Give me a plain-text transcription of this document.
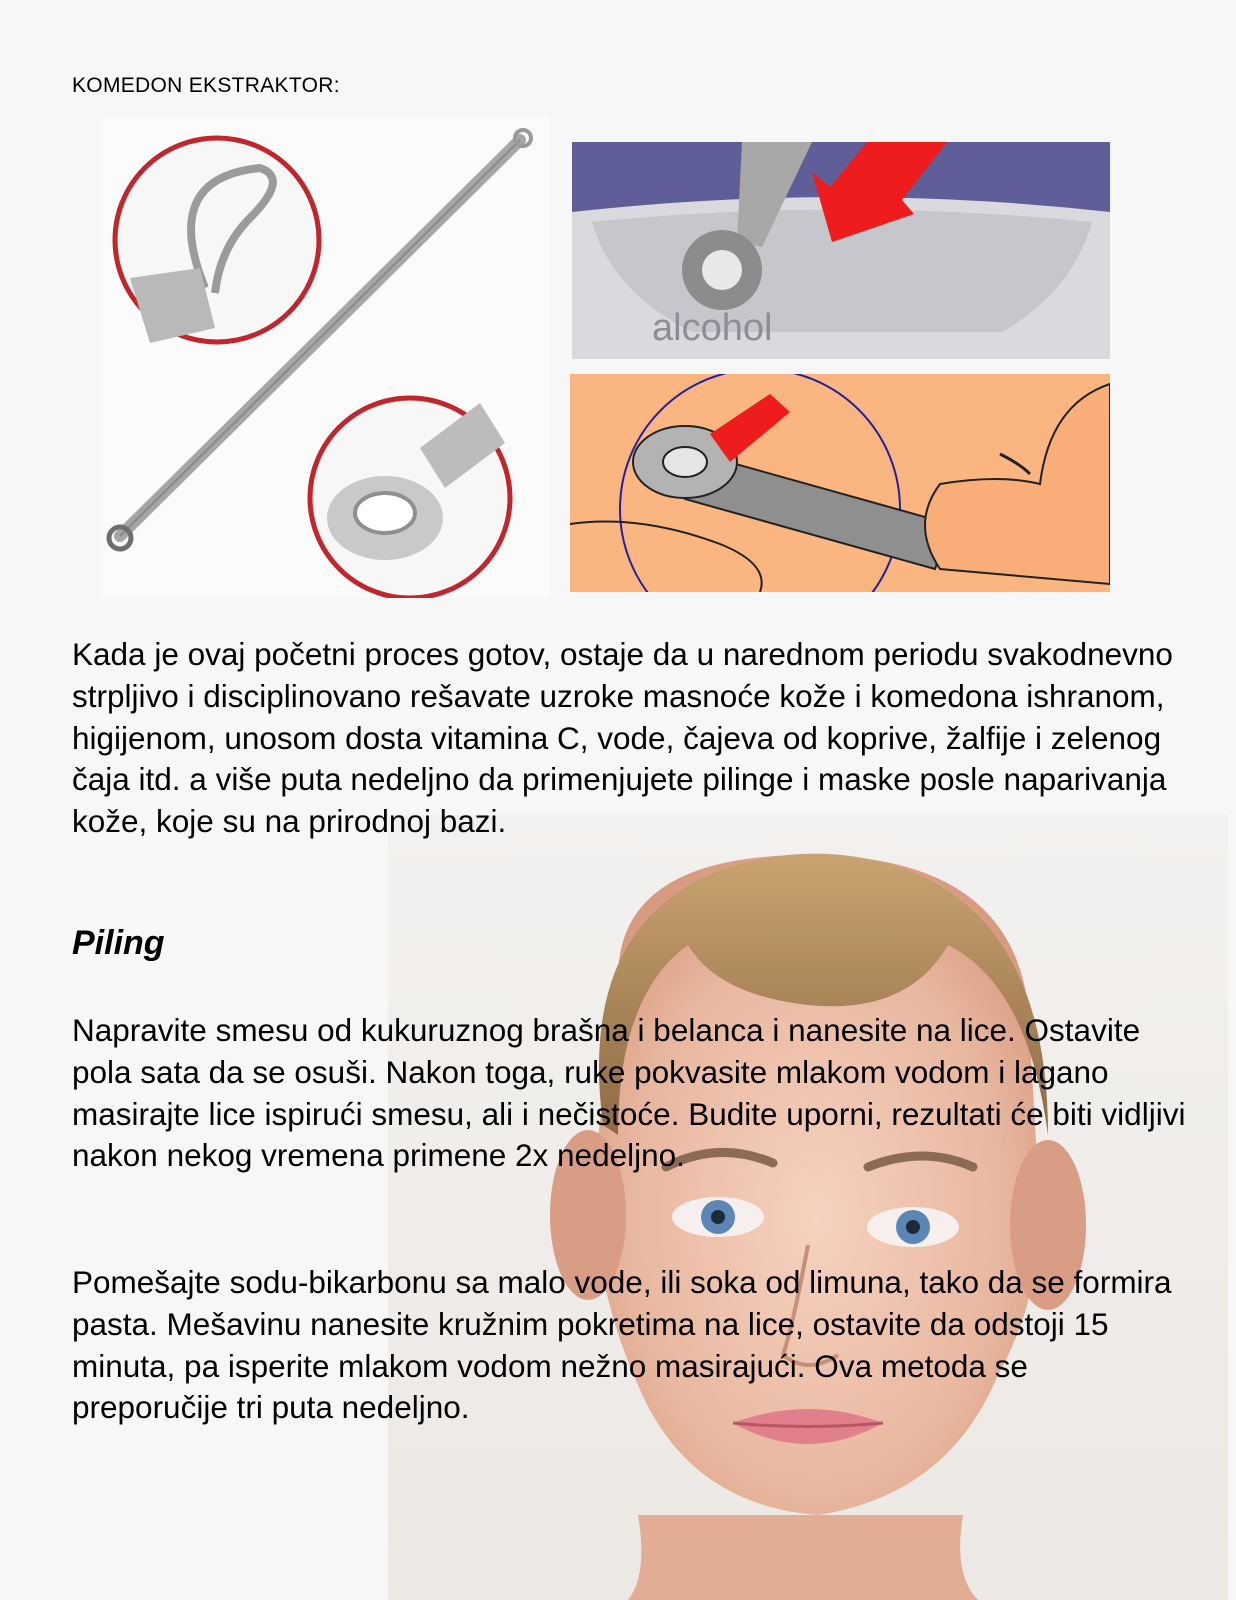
KOMEDON EKSTRAKTOR:
alcohol

Kada je ovaj početni proces gotov, ostaje da u narednom periodu svakodnevno strpljivo i disciplinovano rešavate uzroke masnoće kože i komedona ishranom, higijenom, unosom dosta vitamina C, vode, čajeva od koprive, žalfije i zelenog čaja itd. a više puta nedeljno da primenjujete pilinge i maske posle naparivanja kože, koje su na prirodnoj bazi.

Piling

Napravite smesu od kukuruznog brašna i belanca i nanesite na lice. Ostavite pola sata da se osuši. Nakon toga, ruke pokvasite mlakom vodom i lagano masirajte lice ispirući smesu, ali i nečistoće. Budite uporni, rezultati će biti vidljivi nakon nekog vremena primene 2x nedeljno.

Pomešajte sodu-bikarbonu sa malo vode, ili soka od limuna, tako da se formira pasta. Mešavinu nanesite kružnim pokretima na lice, ostavite da odstoji 15 minuta, pa isperite mlakom vodom nežno masirajući. Ova metoda se preporučije tri puta nedeljno.
